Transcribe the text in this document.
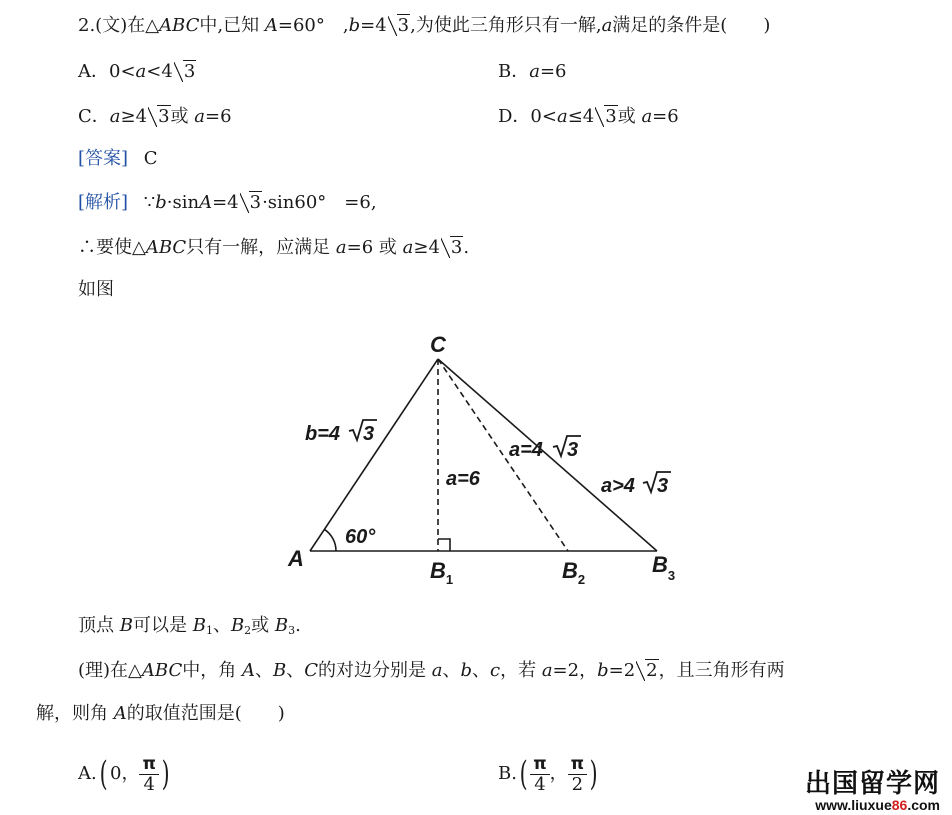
2.(文)在△ABC中,已知 A=60°　,b=4 3,为使此三角形只有一解,a满足的条件是(　　)
A．0<a<4 3	B．a=6
C．a≥4 3或 a=6	D．0<a≤4 3或 a=6
[答案] C
[解析] ∵b·sinA=4 3·sin60°　=6,
∴要使△ABC只有一解，应满足 a=6 或 a≥4 3.
如图
C
A	$B_1$	$B_2$
$B_3$
60°
a=6
b=4 3
a=4 3
a>4 3
顶点 B可以是 $B_1$、$B_2$或 $B_3$.
(理)在△ABC中，角 A、B、C的对边分别是 a、b、c，若 a=2，b=2 2，且三角形有两
解，则角 A的取值范围是(　　)
A.( 0， $\frac{\pi}{4}$ )	$B.( \frac{\pi}{4}$ ， $\frac{\pi}{2}$ )	出国留学网
www.liuxue86.com
